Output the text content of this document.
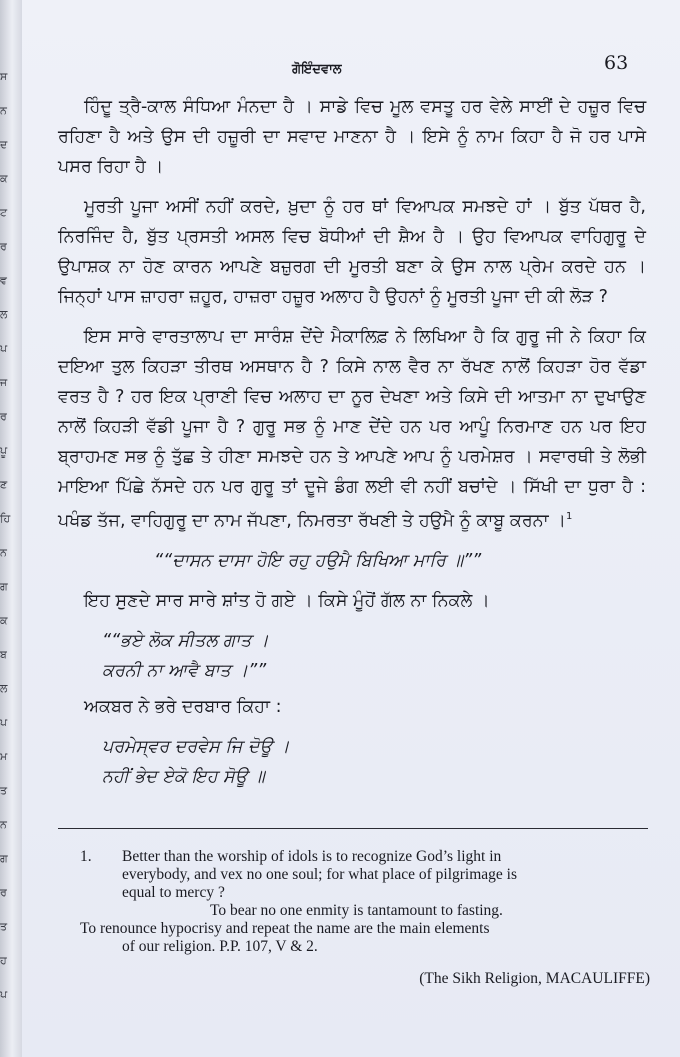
ਸ
ਨ
ਦ
ਕ
ਟ
ਰ
ਵ
ਲ
ਪ
ਜ
ਰ
ਪੂ
ਣ
ਹਿ
ਨ
ਗ
ਕ
ਬ
ਲ
ਪ
ਮ
ਤ
ਨ
ਗ
ਰ
ਤ
ਹ
ਪ
ਗੋਇੰਦਵਾਲ	63

ਹਿੰਦੂ ਤ੍ਰੈ-ਕਾਲ ਸੰਧਿਆ ਮੰਨਦਾ ਹੈ । ਸਾਡੇ ਵਿਚ ਮੂਲ ਵਸਤੂ ਹਰ ਵੇਲੇ ਸਾਈਂ ਦੇ ਹਜ਼ੂਰ ਵਿਚ ਰਹਿਣਾ ਹੈ ਅਤੇ ਉਸ ਦੀ ਹਜ਼ੂਰੀ ਦਾ ਸਵਾਦ ਮਾਣਨਾ ਹੈ । ਇਸੇ ਨੂੰ ਨਾਮ ਕਿਹਾ ਹੈ ਜੋ ਹਰ ਪਾਸੇ ਪਸਰ ਰਿਹਾ ਹੈ ।

ਮੂਰਤੀ ਪੂਜਾ ਅਸੀਂ ਨਹੀਂ ਕਰਦੇ, ਖ਼ੁਦਾ ਨੂੰ ਹਰ ਥਾਂ ਵਿਆਪਕ ਸਮਝਦੇ ਹਾਂ । ਬੁੱਤ ਪੱਥਰ ਹੈ, ਨਿਰਜਿੰਦ ਹੈ, ਬੁੱਤ ਪ੍ਰਸਤੀ ਅਸਲ ਵਿਚ ਬੋਧੀਆਂ ਦੀ ਸ਼ੈਅ ਹੈ । ਉਹ ਵਿਆਪਕ ਵਾਹਿਗੁਰੂ ਦੇ ਉਪਾਸ਼ਕ ਨਾ ਹੋਣ ਕਾਰਨ ਆਪਣੇ ਬਜ਼ੁਰਗ ਦੀ ਮੂਰਤੀ ਬਣਾ ਕੇ ਉਸ ਨਾਲ ਪ੍ਰੇਮ ਕਰਦੇ ਹਨ । ਜਿਨ੍ਹਾਂ ਪਾਸ ਜ਼ਾਹਰਾ ਜ਼ਹੂਰ, ਹਾਜ਼ਰਾ ਹਜ਼ੂਰ ਅਲਾਹ ਹੈ ਉਹਨਾਂ ਨੂੰ ਮੂਰਤੀ ਪੂਜਾ ਦੀ ਕੀ ਲੋੜ ?

ਇਸ ਸਾਰੇ ਵਾਰਤਾਲਾਪ ਦਾ ਸਾਰੰਸ਼ ਦੇਂਦੇ ਮੈਕਾਲਿਫ਼ ਨੇ ਲਿਖਿਆ ਹੈ ਕਿ ਗੁਰੂ ਜੀ ਨੇ ਕਿਹਾ ਕਿ ਦਇਆ ਤੁਲ ਕਿਹੜਾ ਤੀਰਥ ਅਸਥਾਨ ਹੈ ? ਕਿਸੇ ਨਾਲ ਵੈਰ ਨਾ ਰੱਖਣ ਨਾਲੋਂ ਕਿਹੜਾ ਹੋਰ ਵੱਡਾ ਵਰਤ ਹੈ ? ਹਰ ਇਕ ਪ੍ਰਾਣੀ ਵਿਚ ਅਲਾਹ ਦਾ ਨੂਰ ਦੇਖਣਾ ਅਤੇ ਕਿਸੇ ਦੀ ਆਤਮਾ ਨਾ ਦੁਖਾਉਣ ਨਾਲੋਂ ਕਿਹੜੀ ਵੱਡੀ ਪੂਜਾ ਹੈ ? ਗੁਰੂ ਸਭ ਨੂੰ ਮਾਣ ਦੇਂਦੇ ਹਨ ਪਰ ਆਪੂੰ ਨਿਰਮਾਣ ਹਨ ਪਰ ਇਹ ਬ੍ਰਾਹਮਣ ਸਭ ਨੂੰ ਤੁੱਛ ਤੇ ਹੀਣਾ ਸਮਝਦੇ ਹਨ ਤੇ ਆਪਣੇ ਆਪ ਨੂੰ ਪਰਮੇਸ਼ਰ । ਸਵਾਰਥੀ ਤੇ ਲੋਭੀ ਮਾਇਆ ਪਿੱਛੇ ਨੱਸਦੇ ਹਨ ਪਰ ਗੁਰੂ ਤਾਂ ਦੂਜੇ ਡੰਗ ਲਈ ਵੀ ਨਹੀਂ ਬਚਾਂਦੇ । ਸਿੱਖੀ ਦਾ ਧੁਰਾ ਹੈ : ਪਖੰਡ ਤੱਜ, ਵਾਹਿਗੁਰੂ ਦਾ ਨਾਮ ਜੱਪਣਾ, ਨਿਮਰਤਾ ਰੱਖਣੀ ਤੇ ਹਉਮੈ ਨੂੰ ਕਾਬੂ ਕਰਨਾ ।$^1$

““ਦਾਸਨ ਦਾਸਾ ਹੋਇ ਰਹੁ ਹਉਮੈ ਬਿਖਿਆ ਮਾਰਿ ॥””

ਇਹ ਸੁਣਦੇ ਸਾਰ ਸਾਰੇ ਸ਼ਾਂਤ ਹੋ ਗਏ । ਕਿਸੇ ਮੂੰਹੋਂ ਗੱਲ ਨਾ ਨਿਕਲੇ ।

““ਭਏ ਲੋਕ ਸੀਤਲ ਗਾਤ ।
ਕਰਨੀ ਨਾ ਆਵੈ ਬਾਤ ।””

ਅਕਬਰ ਨੇ ਭਰੇ ਦਰਬਾਰ ਕਿਹਾ :

ਪਰਮੇਸ੍ਵਰ ਦਰਵੇਸ ਜਿ ਦੋਊ ।
ਨਹੀਂ ਭੇਦ ਏਕੋ ਇਹ ਸੋਊ ॥
1. Better than the worship of idols is to recognize God’s light in
everybody, and vex no one soul; for what place of pilgrimage is
equal to mercy ?
To bear no one enmity is tantamount to fasting.
To renounce hypocrisy and repeat the name are the main elements
of our religion. P.P. 107, V & 2.
(The Sikh Religion, MACAULIFFE)
